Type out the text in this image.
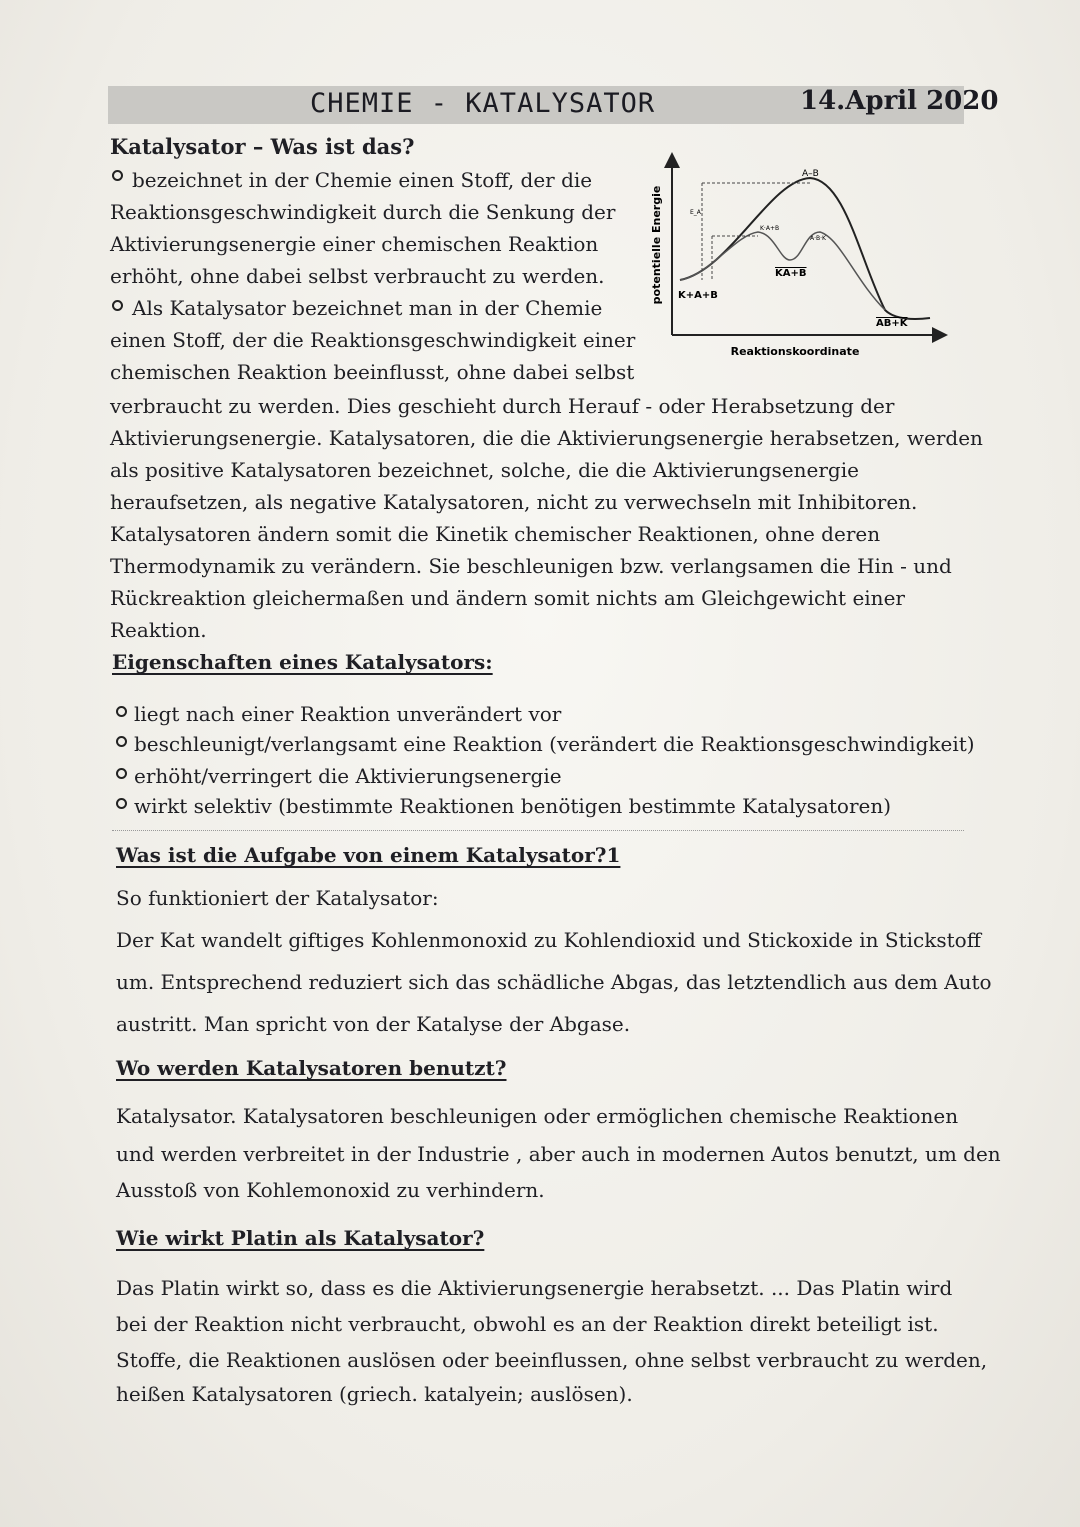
CHEMIE - KATALYSATOR	14.April 2020
Katalysator – Was ist das?
bezeichnet in der Chemie einen Stoff, der die
Reaktionsgeschwindigkeit durch die Senkung der
Aktivierungsenergie einer chemischen Reaktion
erhöht, ohne dabei selbst verbraucht zu werden.
Als Katalysator bezeichnet man in der Chemie
einen Stoff, der die Reaktionsgeschwindigkeit einer
chemischen Reaktion beeinflusst, ohne dabei selbst
verbraucht zu werden. Dies geschieht durch Herauf - oder Herabsetzung der
Aktivierungsenergie. Katalysatoren, die die Aktivierungsenergie herabsetzen, werden
als positive Katalysatoren bezeichnet, solche, die die Aktivierungsenergie
heraufsetzen, als negative Katalysatoren, nicht zu verwechseln mit Inhibitoren.
Katalysatoren ändern somit die Kinetik chemischer Reaktionen, ohne deren
Thermodynamik zu verändern. Sie beschleunigen bzw. verlangsamen die Hin - und
Rückreaktion gleichermaßen und ändern somit nichts am Gleichgewicht einer
Reaktion.
potentielle Energie
Reaktionskoordinate
A–B
K+A+B
KA+B
AB+K
E_A
K·A+B
A·B·K
Eigenschaften eines Katalysators:
liegt nach einer Reaktion unverändert vor
beschleunigt/verlangsamt eine Reaktion (verändert die Reaktionsgeschwindigkeit)
erhöht/verringert die Aktivierungsenergie
wirkt selektiv (bestimmte Reaktionen benötigen bestimmte Katalysatoren)
Was ist die Aufgabe von einem Katalysator?1
So funktioniert der Katalysator:
Der Kat wandelt giftiges Kohlenmonoxid zu Kohlendioxid und Stickoxide in Stickstoff
um. Entsprechend reduziert sich das schädliche Abgas, das letztendlich aus dem Auto
austritt. Man spricht von der Katalyse der Abgase.
Wo werden Katalysatoren benutzt?
Katalysator. Katalysatoren beschleunigen oder ermöglichen chemische Reaktionen
und werden verbreitet in der Industrie , aber auch in modernen Autos benutzt, um den
Ausstoß von Kohlemonoxid zu verhindern.
Wie wirkt Platin als Katalysator?
Das Platin wirkt so, dass es die Aktivierungsenergie herabsetzt. ... Das Platin wird
bei der Reaktion nicht verbraucht, obwohl es an der Reaktion direkt beteiligt ist.
Stoffe, die Reaktionen auslösen oder beeinflussen, ohne selbst verbraucht zu werden,
heißen Katalysatoren (griech. katalyein; auslösen).
